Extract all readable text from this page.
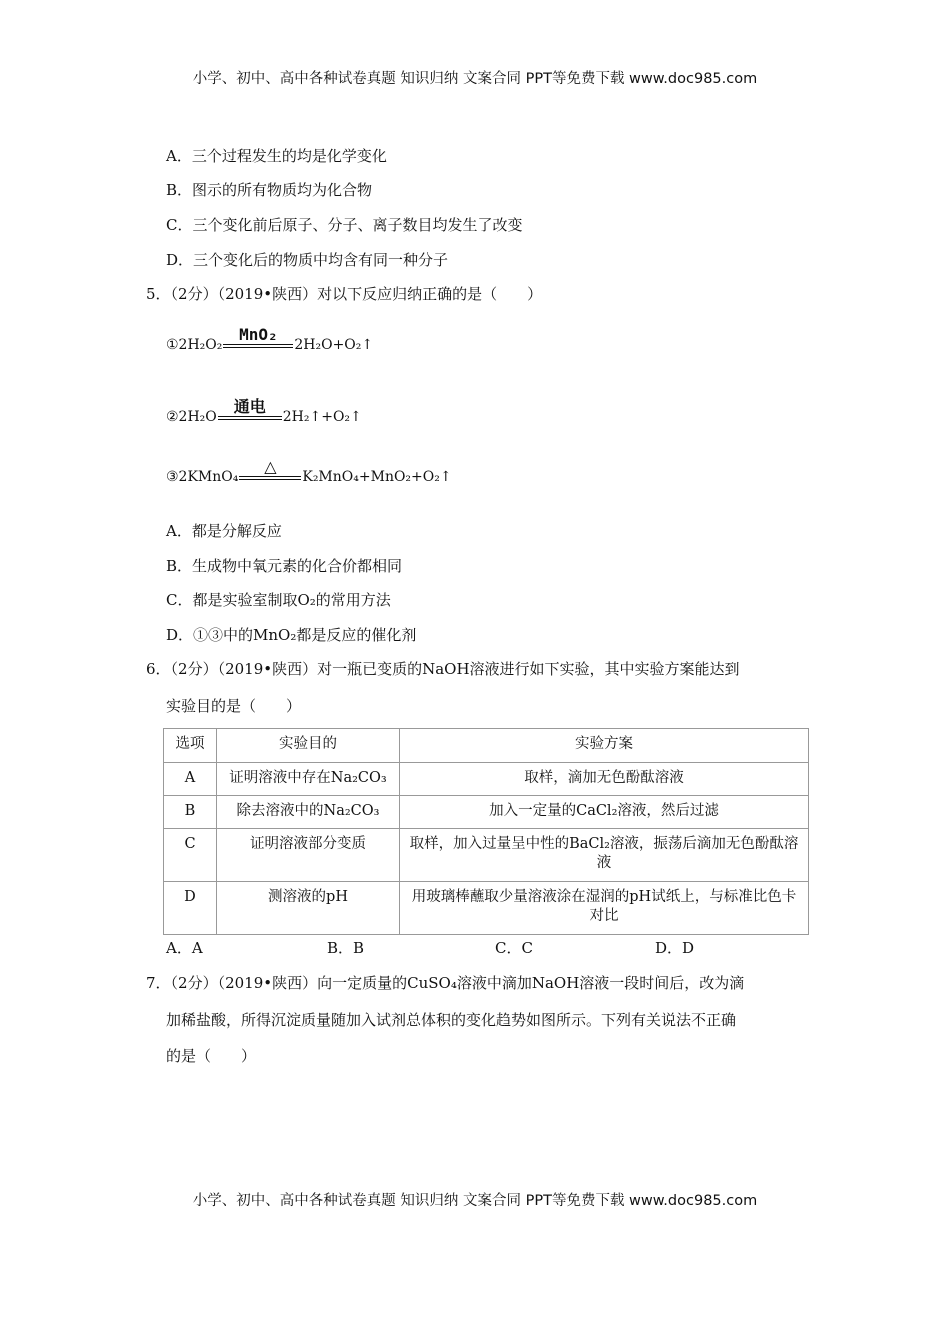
小学、初中、高中各种试卷真题 知识归纳 文案合同 PPT等免费下载 www.doc985.com
A．三个过程发生的均是化学变化
B．图示的所有物质均为化合物
C．三个变化前后原子、分子、离子数目均发生了改变
D．三个变化后的物质中均含有同一种分子
5．（2分）（2019•陕西）对以下反应归纳正确的是（　　）
①2H₂O₂
MnO₂
2H₂O+O₂↑
②2H₂O
通电
2H₂↑+O₂↑
③2KMnO₄
△
K₂MnO₄+MnO₂+O₂↑
A．都是分解反应
B．生成物中氧元素的化合价都相同
C．都是实验室制取O₂的常用方法
D．①③中的MnO₂都是反应的催化剂
6．（2分）（2019•陕西）对一瓶已变质的NaOH溶液进行如下实验，其中实验方案能达到
实验目的是（　　）
选项	实验目的	实验方案
A	证明溶液中存在Na₂CO₃	取样，滴加无色酚酞溶液
B	除去溶液中的Na₂CO₃	加入一定量的CaCl₂溶液，然后过滤
C	证明溶液部分变质	取样，加入过量呈中性的BaCl₂溶液，振荡后滴加无色酚酞溶液
D	测溶液的pH	用玻璃棒蘸取少量溶液涂在湿润的pH试纸上，与标准比色卡对比
A．A	B．B	C．C	D．D
7．（2分）（2019•陕西）向一定质量的CuSO₄溶液中滴加NaOH溶液一段时间后，改为滴
加稀盐酸，所得沉淀质量随加入试剂总体积的变化趋势如图所示。下列有关说法不正确
的是（　　）
小学、初中、高中各种试卷真题 知识归纳 文案合同 PPT等免费下载 www.doc985.com
